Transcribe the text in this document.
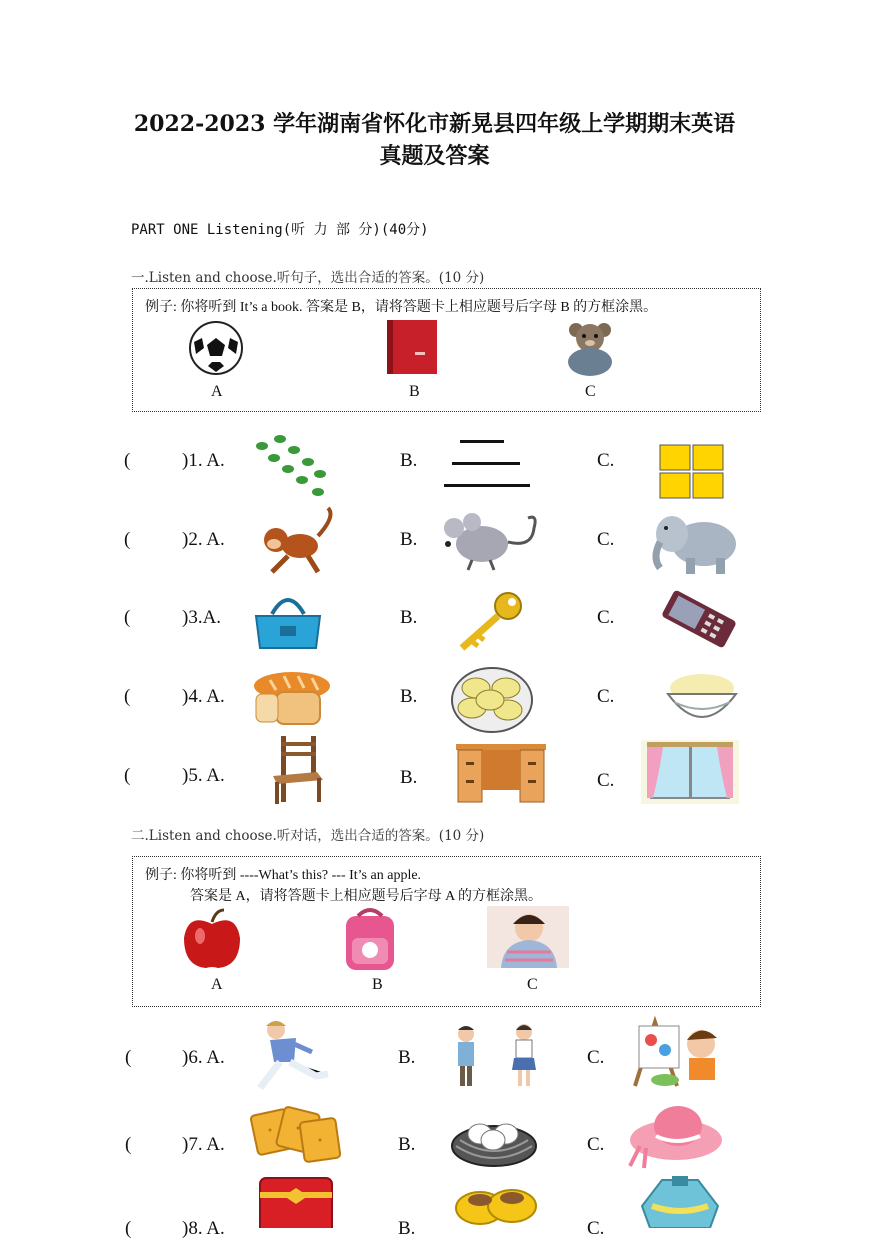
2022-2023 学年湖南省怀化市新晃县四年级上学期期末英语
真题及答案
PART ONE Listening(听 力 部 分)(40分)
一.Listen and choose.听句子，选出合适的答案。(10 分)
例子: 你将听到 It’s a book. 答案是 B，请将答题卡上相应题号后字母 B 的方框涂黑。
A	B	C
(	)1. A.	B.	C.
(	)2. A.	B.	C.
(	)3.A.	B.	C.
(	)4. A.	B.	C.
(	)5. A.	B.	C.
二.Listen and choose.听对话，选出合适的答案。(10 分)
例子: 你将听到 ----What’s this? --- It’s an apple.
答案是 A，请将答题卡上相应题号后字母 A 的方框涂黑。
A	B	C
(	)6. A.	B.	C.
(	)7. A.	B.	C.
(	)8. A.	B.	C.
